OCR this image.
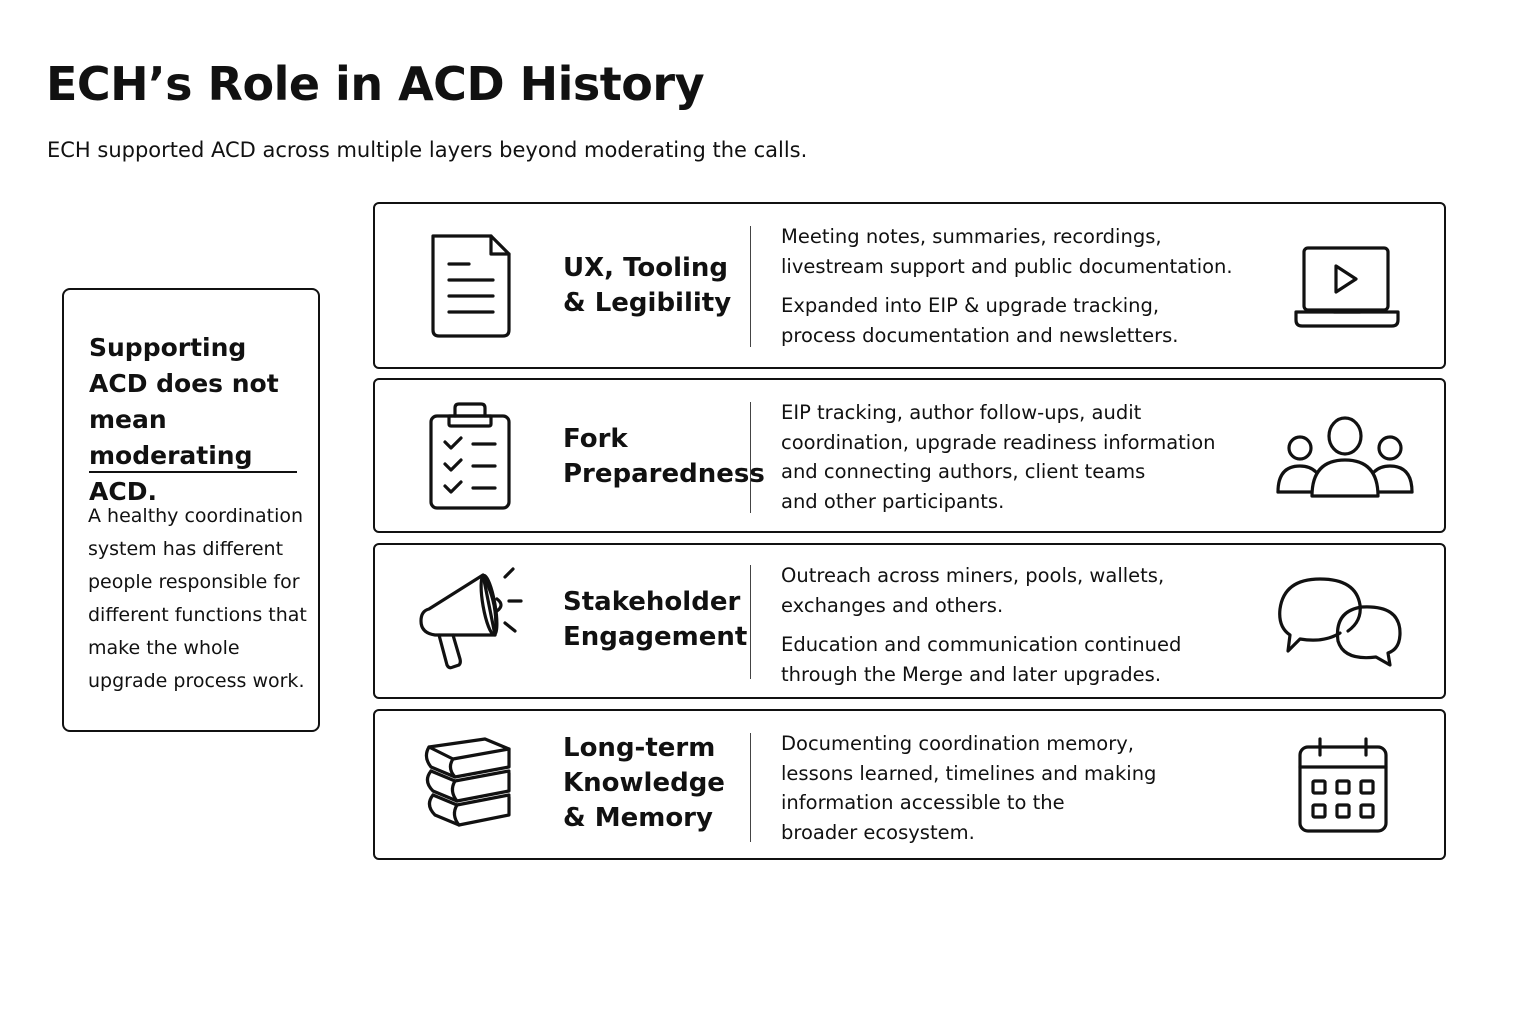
ECH’s Role in ACD History

ECH supported ACD across multiple layers beyond moderating the calls.

Supporting ACD does not mean moderating ACD.

A healthy coordination system has different people responsible for different functions that make the whole upgrade process work.

UX, Tooling
& Legibility

Meeting notes, summaries, recordings,

livestream support and public documentation.

Expanded into EIP & upgrade tracking,

process documentation and newsletters.

Fork
Preparedness

EIP tracking, author follow-ups, audit

coordination, upgrade readiness information

and connecting authors, client teams

and other participants.

Stakeholder
Engagement

Outreach across miners, pools, wallets,

exchanges and others.

Education and communication continued

through the Merge and later upgrades.

Long-term
Knowledge
& Memory

Documenting coordination memory,

lessons learned, timelines and making

information accessible to the

broader ecosystem.
